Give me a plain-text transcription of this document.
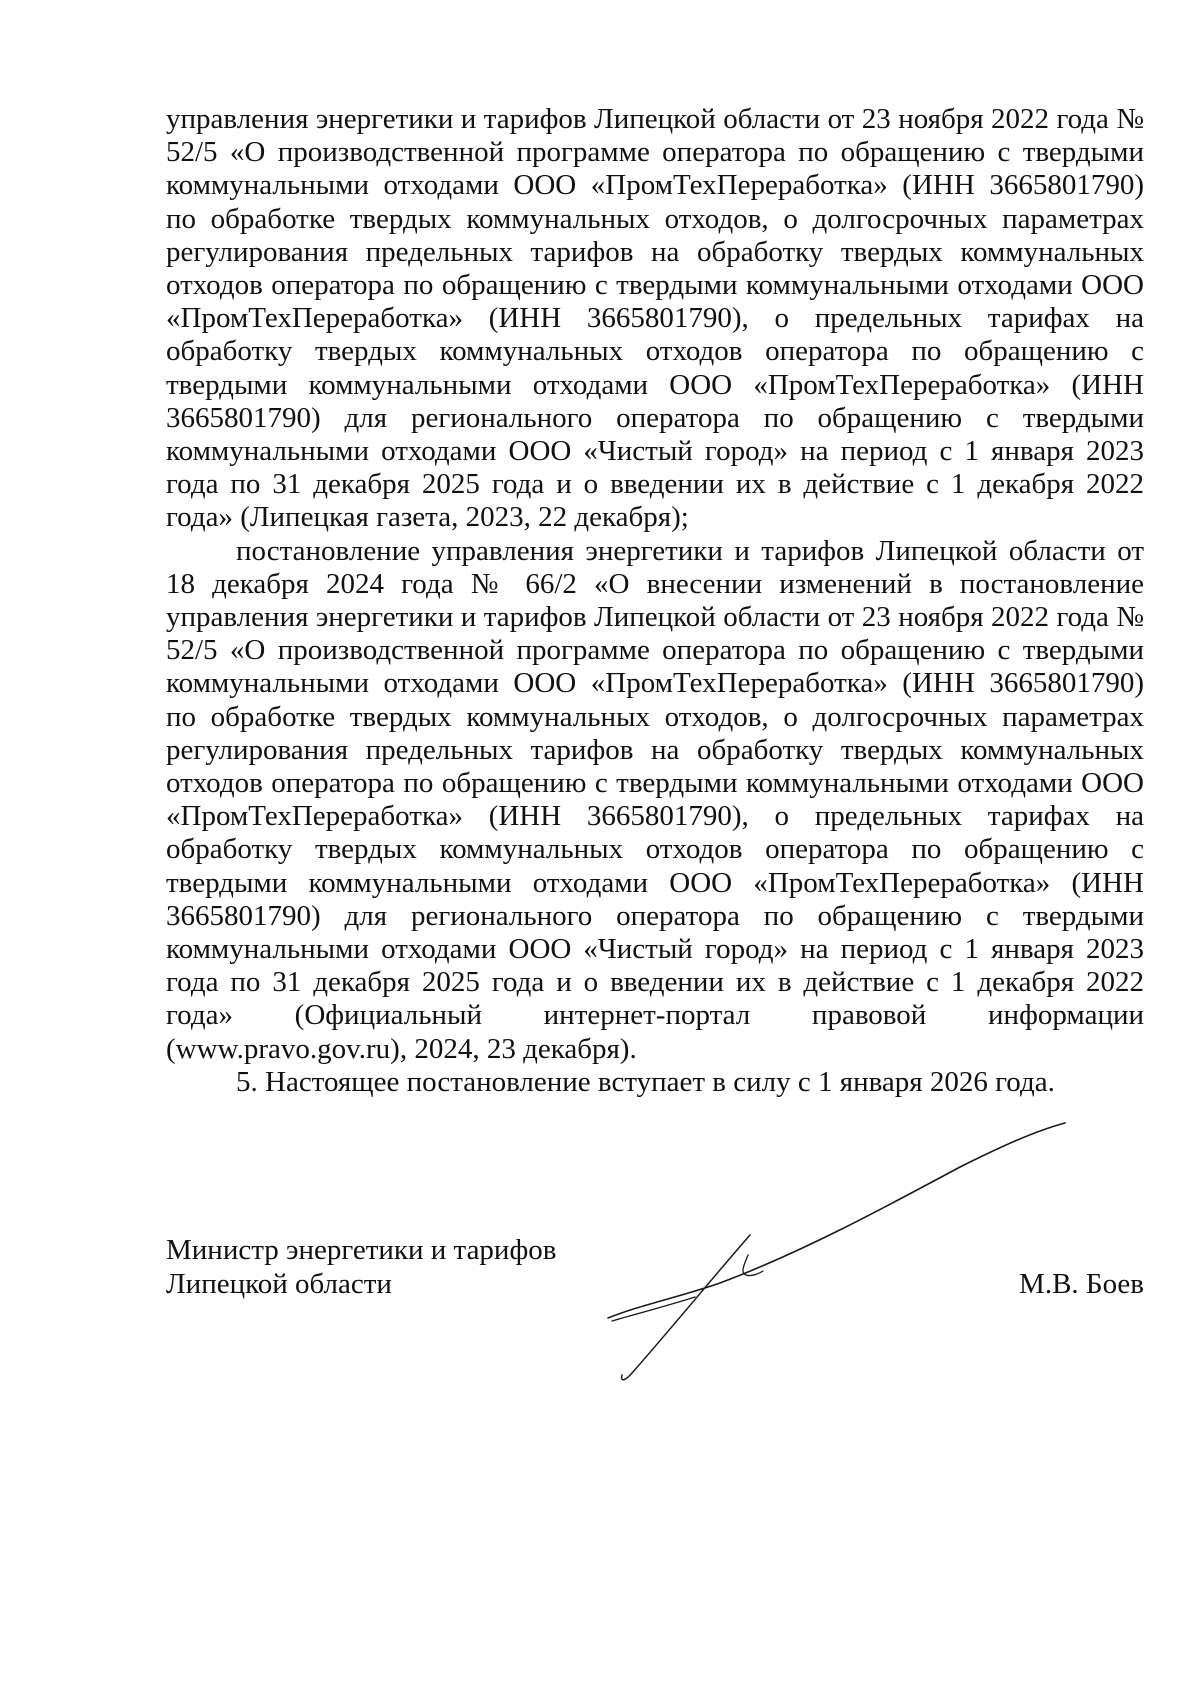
управления энергетики и тарифов Липецкой области от 23 ноября 2022 года № 52/5 «О производственной программе оператора по обращению с твердыми коммунальными отходами ООО «ПромТехПереработка» (ИНН 3665801790) по обработке твердых коммунальных отходов, о долгосрочных параметрах регулирования предельных тарифов на обработку твердых коммунальных отходов оператора по обращению с твердыми коммунальными отходами ООО «ПромТехПереработка» (ИНН 3665801790), о предельных тарифах на обработку твердых коммунальных отходов оператора по обращению с твердыми коммунальными отходами ООО «ПромТехПереработка» (ИНН 3665801790) для регионального оператора по обращению с твердыми коммунальными отходами ООО «Чистый город» на период с 1 января 2023 года по 31 декабря 2025 года и о введении их в действие с 1 декабря 2022 года» (Липецкая газета, 2023, 22 декабря);

постановление управления энергетики и тарифов Липецкой области от 18 декабря 2024 года № 66/2 «О внесении изменений в постановление управления энергетики и тарифов Липецкой области от 23 ноября 2022 года № 52/5 «О производственной программе оператора по обращению с твердыми коммунальными отходами ООО «ПромТехПереработка» (ИНН 3665801790) по обработке твердых коммунальных отходов, о долгосрочных параметрах регулирования предельных тарифов на обработку твердых коммунальных отходов оператора по обращению с твердыми коммунальными отходами ООО «ПромТехПереработка» (ИНН 3665801790), о предельных тарифах на обработку твердых коммунальных отходов оператора по обращению с твердыми коммунальными отходами ООО «ПромТехПереработка» (ИНН 3665801790) для регионального оператора по обращению с твердыми коммунальными отходами ООО «Чистый город» на период с 1 января 2023 года по 31 декабря 2025 года и о введении их в действие с 1 декабря 2022 года» (Официальный интернет-портал правовой информации (www.pravo.gov.ru), 2024, 23 декабря).

5. Настоящее постановление вступает в силу с 1 января 2026 года.

Министр энергетики и тарифов
Липецкой области	М.В. Боев
